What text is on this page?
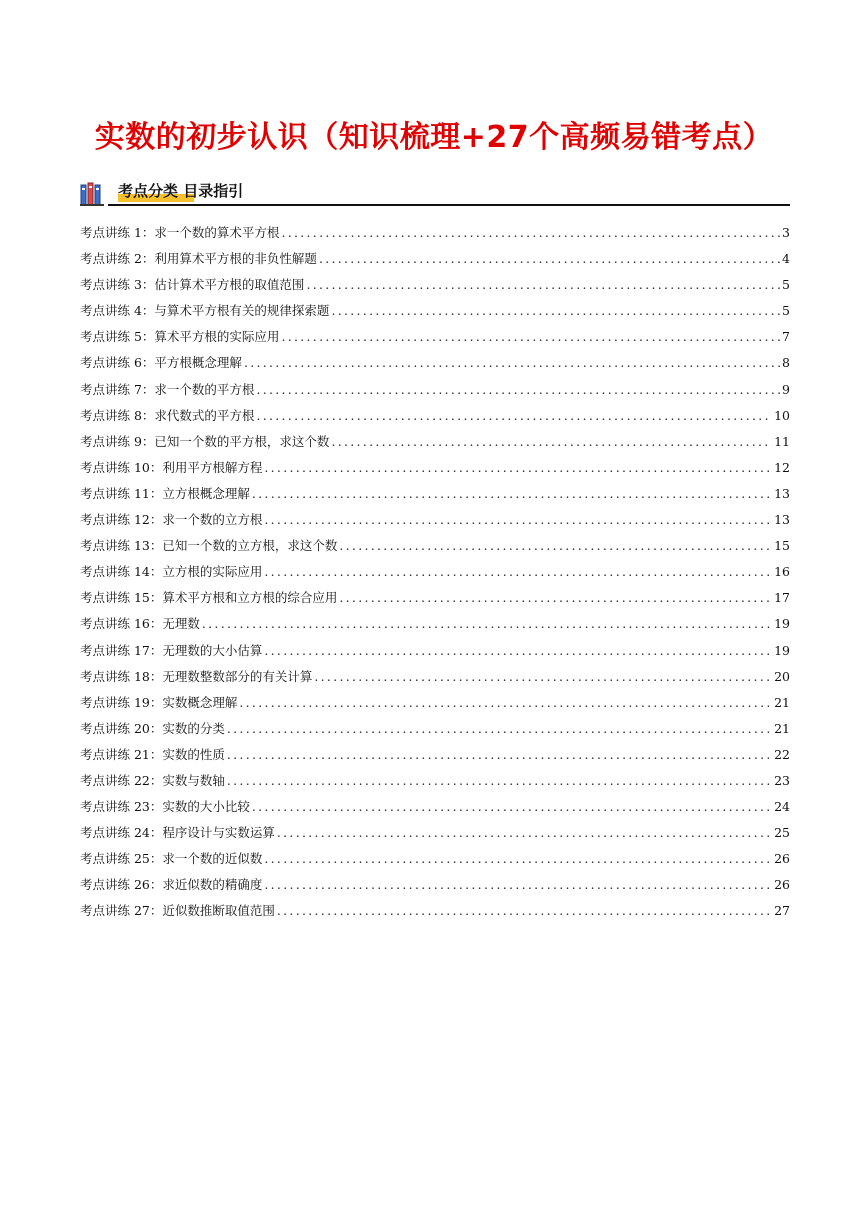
实数的初步认识（知识梳理+27个高频易错考点）
考点分类 目录指引
考点讲练 1：求一个数的算术平方根 .....	3
考点讲练 2：利用算术平方根的非负性解题 .....	4
考点讲练 3：估计算术平方根的取值范围 .....	5
考点讲练 4：与算术平方根有关的规律探索题 .....	5
考点讲练 5：算术平方根的实际应用 .....	7
考点讲练 6：平方根概念理解 .....	8
考点讲练 7：求一个数的平方根 .....	9
考点讲练 8：求代数式的平方根 .....	10
考点讲练 9：已知一个数的平方根，求这个数 .....	11
考点讲练 10：利用平方根解方程 .....	12
考点讲练 11：立方根概念理解 .....	13
考点讲练 12：求一个数的立方根 .....	13
考点讲练 13：已知一个数的立方根，求这个数 .....	15
考点讲练 14：立方根的实际应用 .....	16
考点讲练 15：算术平方根和立方根的综合应用 .....	17
考点讲练 16：无理数 .....	19
考点讲练 17：无理数的大小估算 .....	19
考点讲练 18：无理数整数部分的有关计算 .....	20
考点讲练 19：实数概念理解 .....	21
考点讲练 20：实数的分类 .....	21
考点讲练 21：实数的性质 .....	22
考点讲练 22：实数与数轴 .....	23
考点讲练 23：实数的大小比较 .....	24
考点讲练 24：程序设计与实数运算 .....	25
考点讲练 25：求一个数的近似数 .....	26
考点讲练 26：求近似数的精确度 .....	26
考点讲练 27：近似数推断取值范围 .....	27
